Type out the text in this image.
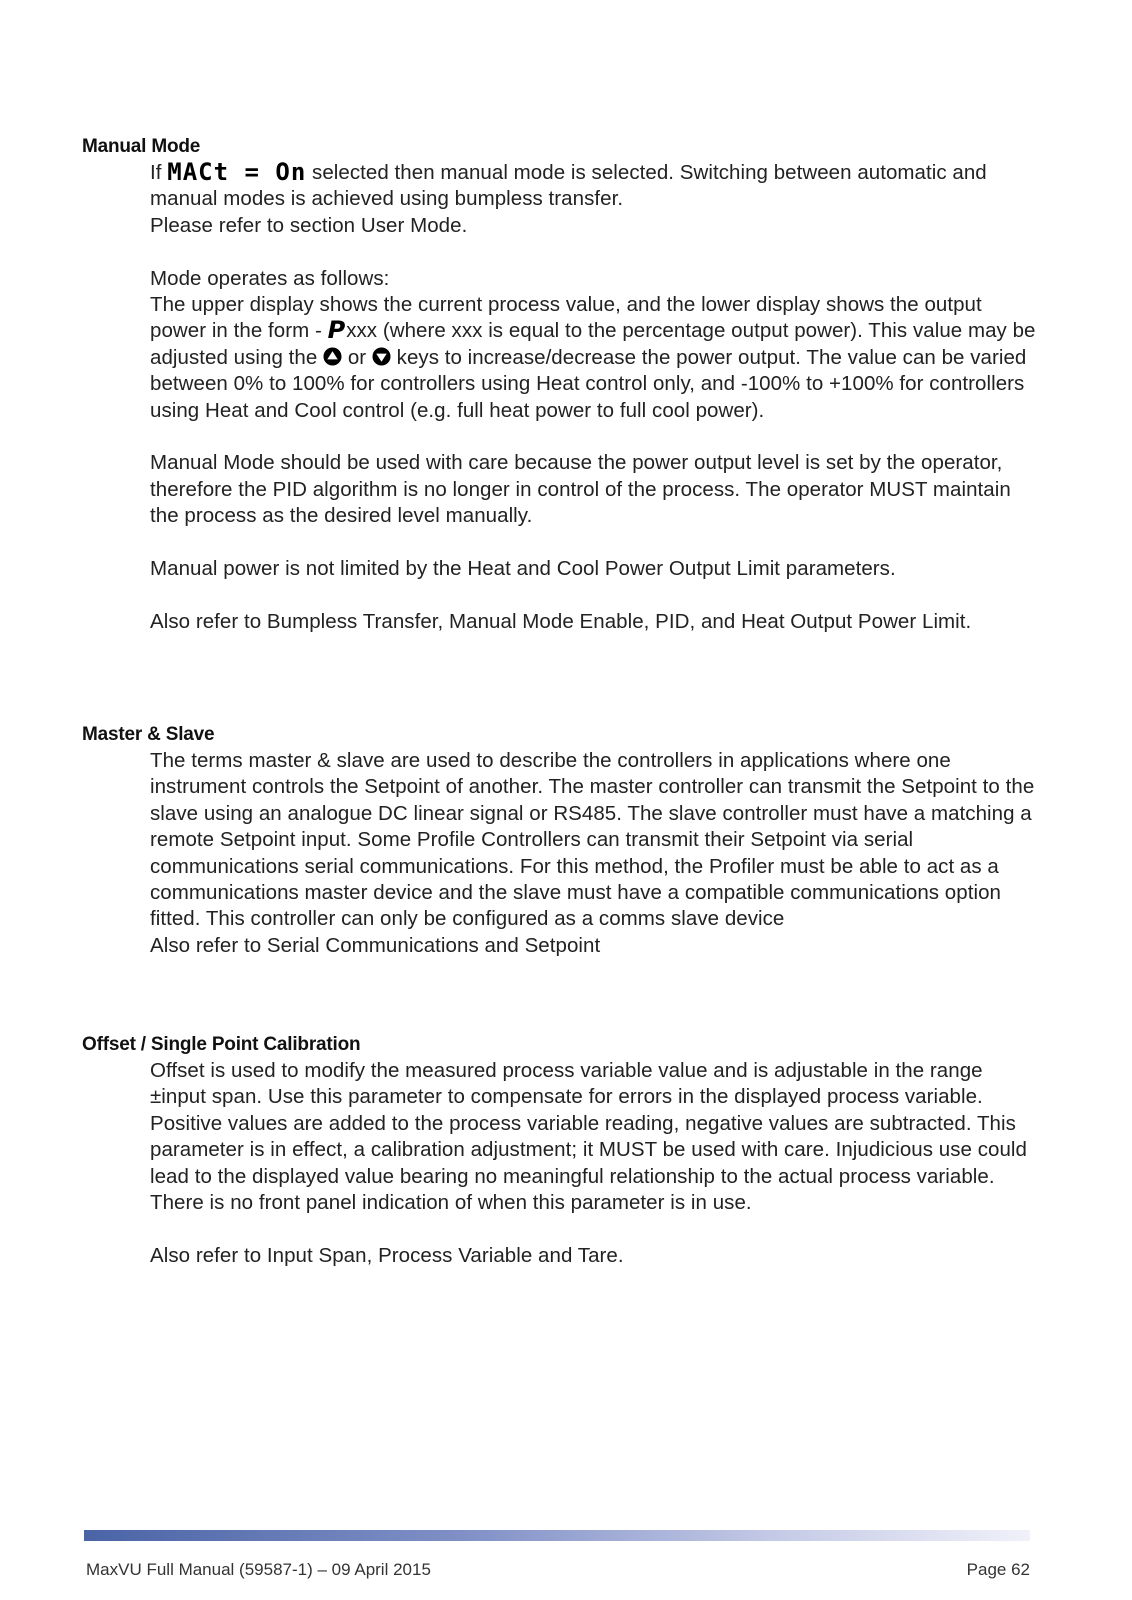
Manual Mode
If MACt = On selected then manual mode is selected. Switching between automatic and manual modes is achieved using bumpless transfer.
Please refer to section User Mode.
Mode operates as follows:
The upper display shows the current process value, and the lower display shows the output power in the form - Pxxx (where xxx is equal to the percentage output power). This value may be adjusted using the or keys to increase/decrease the power output. The value can be varied between 0% to 100% for controllers using Heat control only, and -100% to +100% for controllers using Heat and Cool control (e.g. full heat power to full cool power).
Manual Mode should be used with care because the power output level is set by the operator, therefore the PID algorithm is no longer in control of the process. The operator MUST maintain the process as the desired level manually.
Manual power is not limited by the Heat and Cool Power Output Limit parameters.
Also refer to Bumpless Transfer, Manual Mode Enable, PID, and Heat Output Power Limit.
Master & Slave
The terms master & slave are used to describe the controllers in applications where one instrument controls the Setpoint of another. The master controller can transmit the Setpoint to the slave using an analogue DC linear signal or RS485. The slave controller must have a matching a remote Setpoint input. Some Profile Controllers can transmit their Setpoint via serial communications serial communications. For this method, the Profiler must be able to act as a communications master device and the slave must have a compatible communications option fitted. This controller can only be configured as a comms slave device
Also refer to Serial Communications and Setpoint
Offset / Single Point Calibration
Offset is used to modify the measured process variable value and is adjustable in the range ±input span. Use this parameter to compensate for errors in the displayed process variable. Positive values are added to the process variable reading, negative values are subtracted. This parameter is in effect, a calibration adjustment; it MUST be used with care. Injudicious use could lead to the displayed value bearing no meaningful relationship to the actual process variable. There is no front panel indication of when this parameter is in use.
Also refer to Input Span, Process Variable and Tare.
MaxVU Full Manual (59587-1) – 09 April 2015	Page 62
